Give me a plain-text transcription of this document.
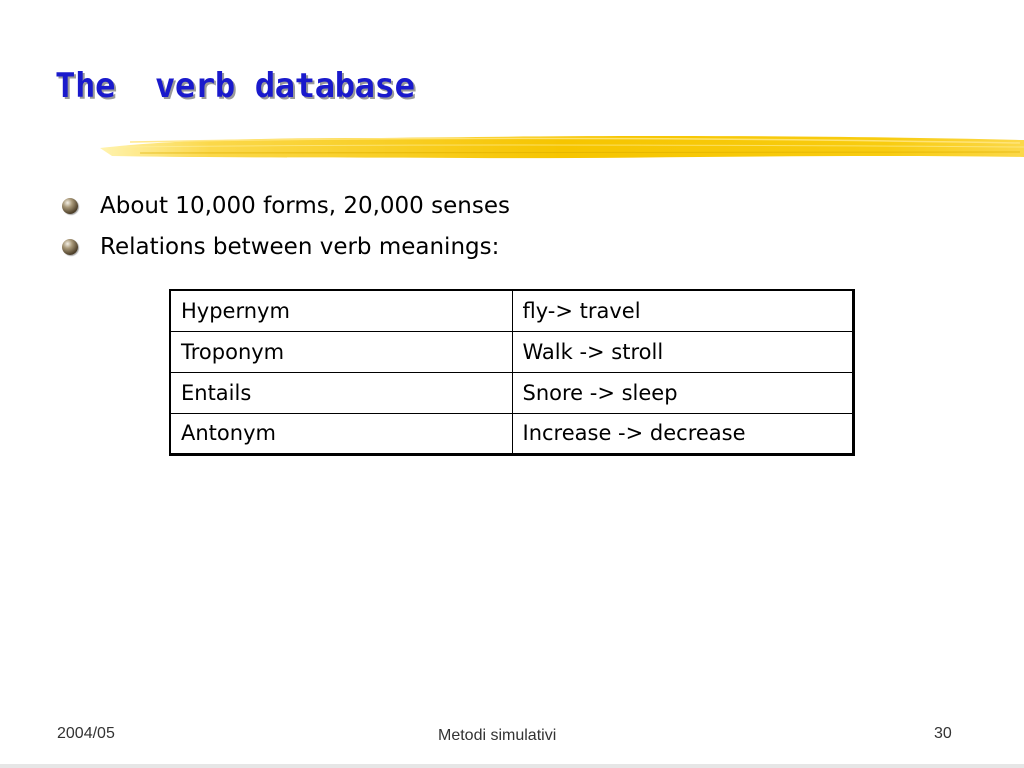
The  verb database
About 10,000 forms, 20,000 senses
Relations between verb meanings:
Hypernym	fly-> travel
Troponym	Walk -> stroll
Entails	Snore -> sleep
Antonym	Increase -> decrease
2004/05	Metodi simulativi	30
